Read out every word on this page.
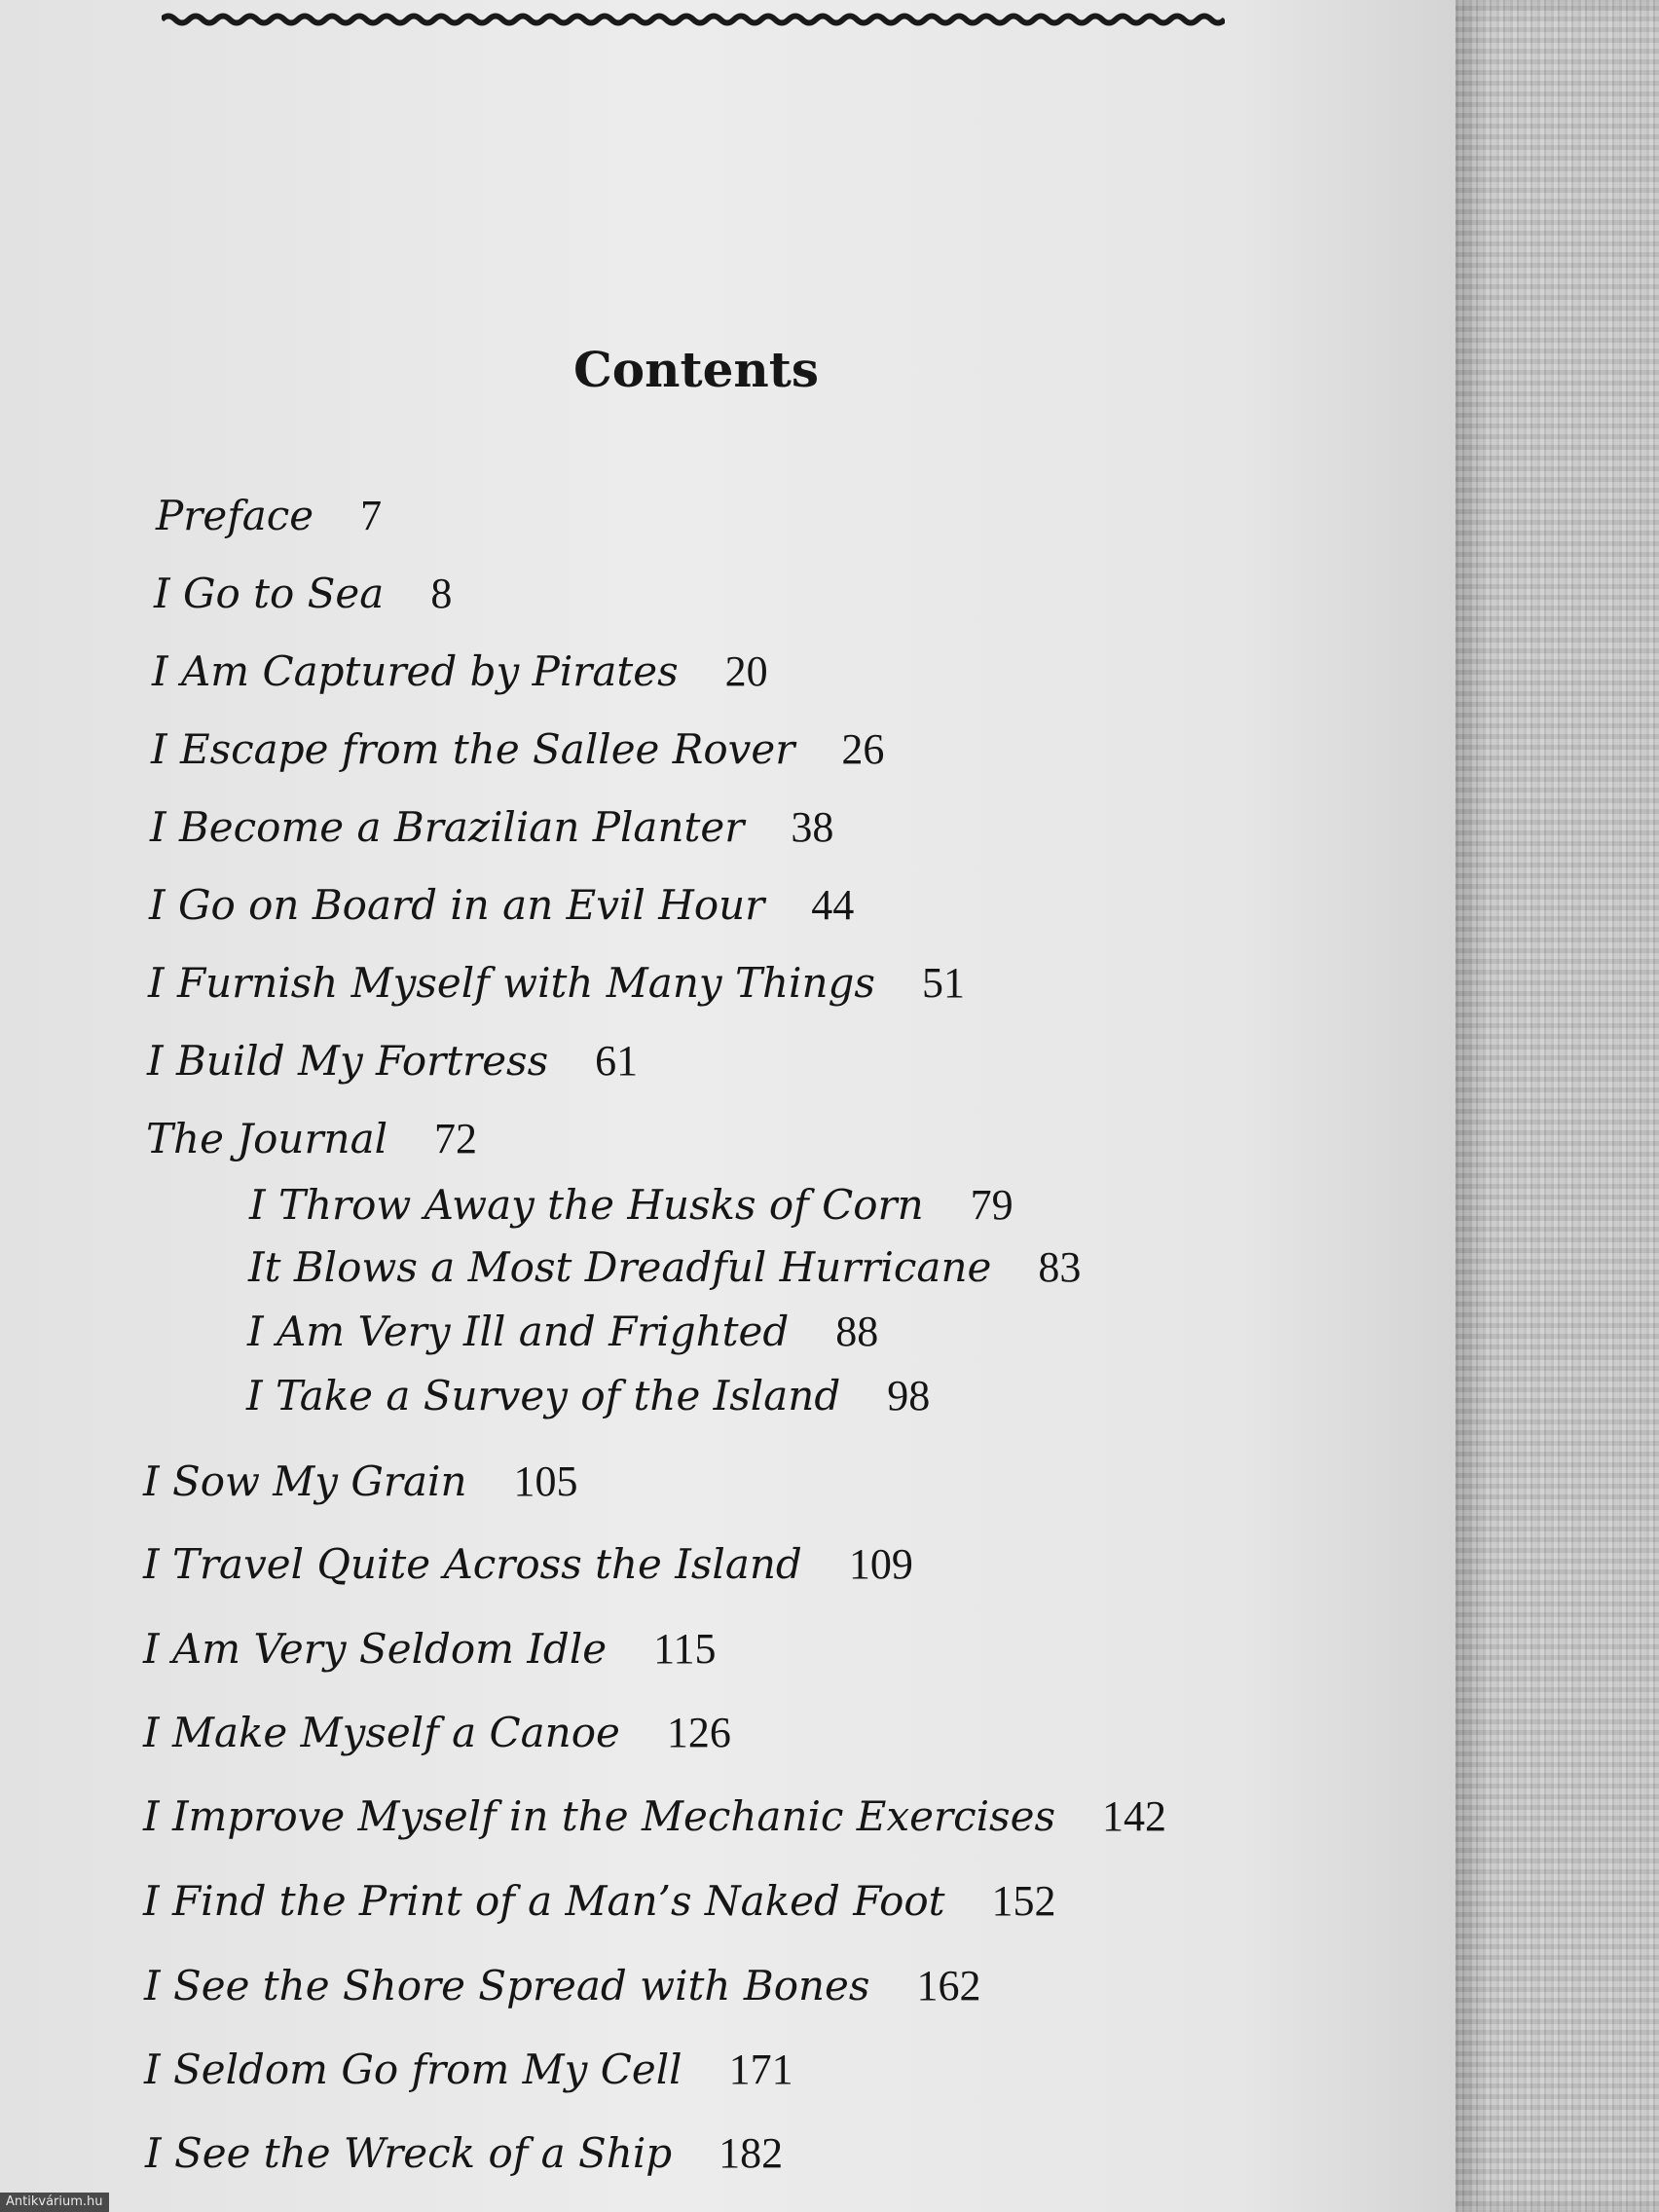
Contents
Preface 7
I Go to Sea 8
I Am Captured by Pirates 20
I Escape from the Sallee Rover 26
I Become a Brazilian Planter 38
I Go on Board in an Evil Hour 44
I Furnish Myself with Many Things 51
I Build My Fortress 61
The Journal 72
I Throw Away the Husks of Corn 79
It Blows a Most Dreadful Hurricane 83
I Am Very Ill and Frighted 88
I Take a Survey of the Island 98
I Sow My Grain 105
I Travel Quite Across the Island 109
I Am Very Seldom Idle 115
I Make Myself a Canoe 126
I Improve Myself in the Mechanic Exercises 142
I Find the Print of a Man’s Naked Foot 152
I See the Shore Spread with Bones 162
I Seldom Go from My Cell 171
I See the Wreck of a Ship 182
Antikvárium.hu
